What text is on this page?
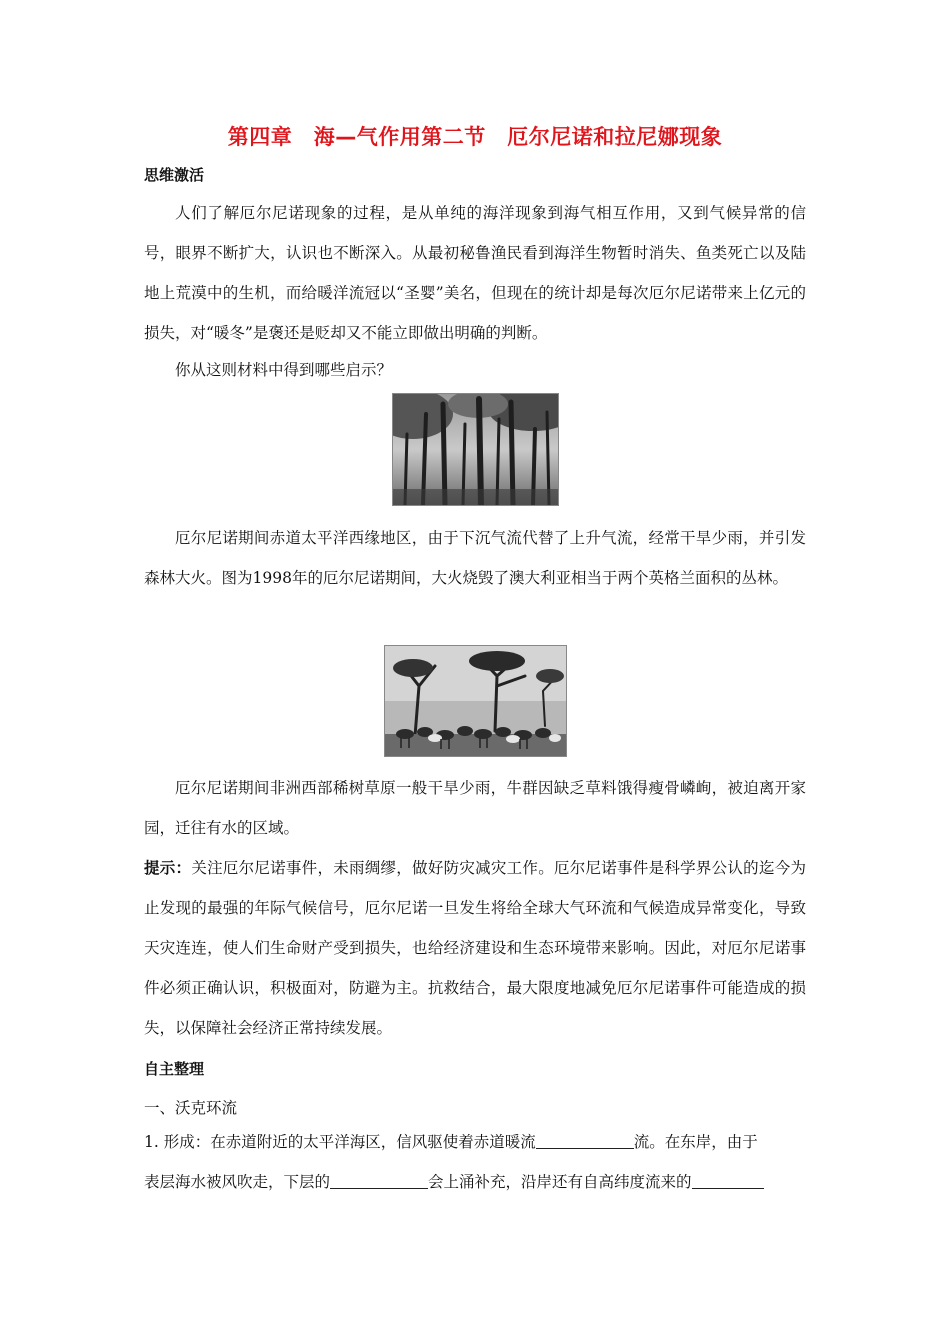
第四章　海—气作用第二节　厄尔尼诺和拉尼娜现象
思维激活
人们了解厄尔尼诺现象的过程，是从单纯的海洋现象到海气相互作用，又到气候异常的信号，眼界不断扩大，认识也不断深入。从最初秘鲁渔民看到海洋生物暂时消失、鱼类死亡以及陆地上荒漠中的生机，而给暖洋流冠以“圣婴”美名，但现在的统计却是每次厄尔尼诺带来上亿元的损失，对“暖冬”是褒还是贬却又不能立即做出明确的判断。
你从这则材料中得到哪些启示？
厄尔尼诺期间赤道太平洋西缘地区，由于下沉气流代替了上升气流，经常干旱少雨，并引发森林大火。图为1998年的厄尔尼诺期间，大火烧毁了澳大利亚相当于两个英格兰面积的丛林。
厄尔尼诺期间非洲西部稀树草原一般干旱少雨，牛群因缺乏草料饿得瘦骨嶙峋，被迫离开家园，迁往有水的区域。
提示：关注厄尔尼诺事件，未雨绸缪，做好防灾减灾工作。厄尔尼诺事件是科学界公认的迄今为止发现的最强的年际气候信号，厄尔尼诺一旦发生将给全球大气环流和气候造成异常变化，导致天灾连连，使人们生命财产受到损失，也给经济建设和生态环境带来影响。因此，对厄尔尼诺事件必须正确认识，积极面对，防避为主。抗救结合，最大限度地减免厄尔尼诺事件可能造成的损失，以保障社会经济正常持续发展。
自主整理
一、沃克环流
1. 形成：在赤道附近的太平洋海区，信风驱使着赤道暖流	流。在东岸，由于
表层海水被风吹走，下层的	会上涌补充，沿岸还有自高纬度流来的
